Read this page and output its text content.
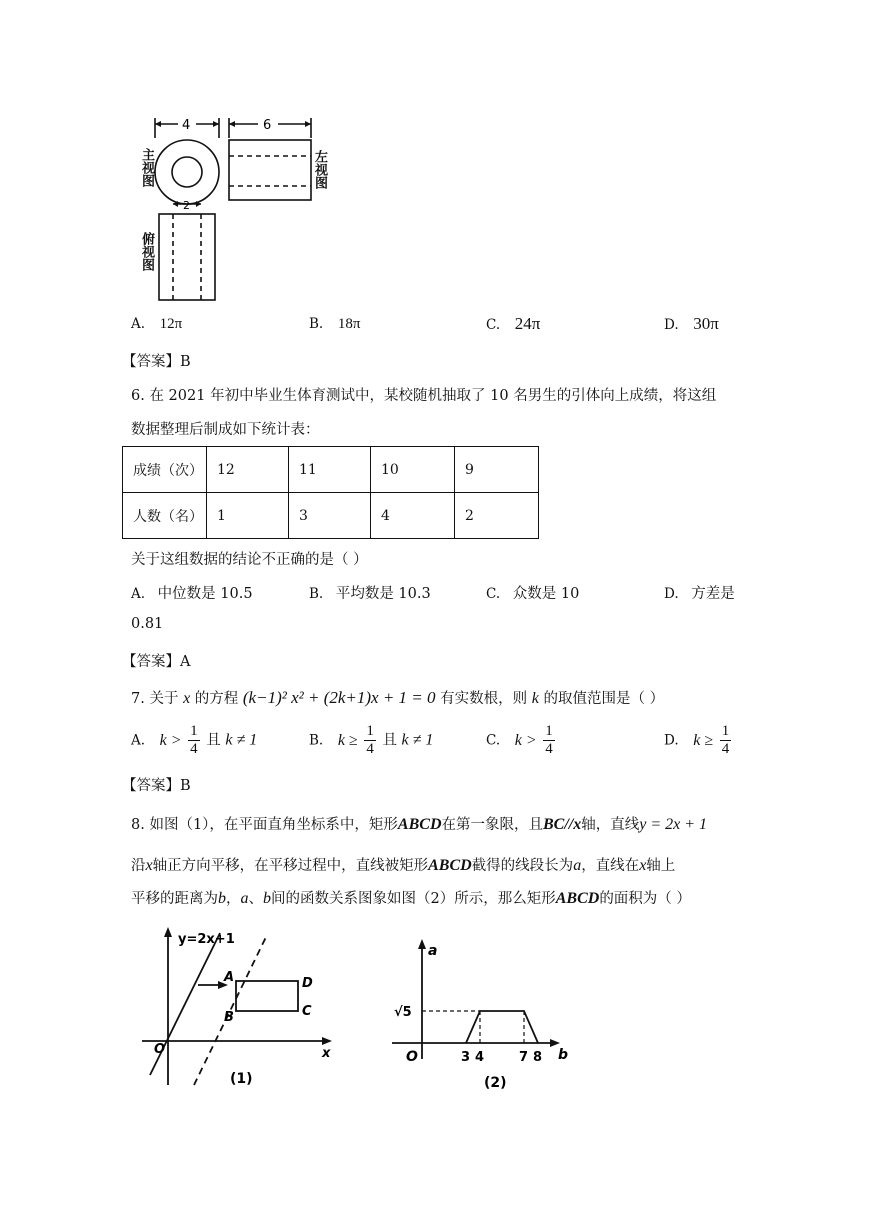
4	6
2
主视图	左视图
俯视图
A. 12π	B. 18π	C. 24π	D. 30π
【答案】B
6. 在 2021 年初中毕业生体育测试中，某校随机抽取了 10 名男生的引体向上成绩，将这组
数据整理后制成如下统计表：
成绩（次）	12	11	10	9
人数（名）	1	3	4	2
关于这组数据的结论不正确的是（ ）
A. 中位数是 10.5	B. 平均数是 10.3	C. 众数是 10	D. 方差是
0.81
【答案】A
7. 关于 x 的方程 (k−1)² x² + (2k+1)x + 1 = 0 有实数根，则 k 的取值范围是（ ）
A. $k > \frac{1}{4}$ 且 k ≠ 1	B. $k \ge \frac{1}{4}$ 且 k ≠ 1	C. $k > \frac{1}{4}$	D. $k \ge \frac{1}{4}$
【答案】B
8. 如图（1），在平面直角坐标系中，矩形ABCD在第一象限，且BC//x轴，直线y = 2x + 1
沿x轴正方向平移，在平移过程中，直线被矩形ABCD截得的线段长为a，直线在x轴上
平移的距离为b，a、b间的函数关系图象如图（2）所示，那么矩形ABCD的面积为（ ）
y=2x+1
A
B
D
C
O	x
(1)
a
√5
O	3 4	7 8 b
(2)
